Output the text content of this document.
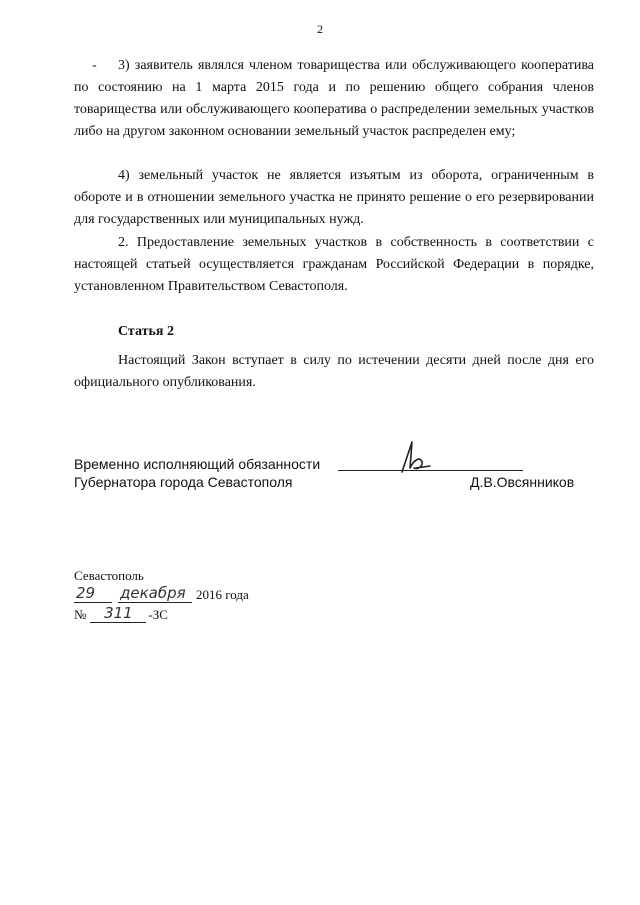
2
-	3) заявитель являлся членом товарищества или обслуживающего кооператива по состоянию на 1 марта 2015 года и по решению общего собрания членов товарищества или обслуживающего кооператива о распределении земельных участков либо на другом законном основании земельный участок распределен ему;

4) земельный участок не является изъятым из оборота, ограниченным в обороте и в отношении земельного участка не принято решение о его резервировании для государственных или муниципальных нужд.

2. Предоставление земельных участков в собственность в соответствии с настоящей статьей осуществляется гражданам Российской Федерации в порядке, установленном Правительством Севастополя.

Статья 2

Настоящий Закон вступает в силу по истечении десяти дней после дня его официального опубликования.

Временно исполняющий обязанности
Губернатора города Севастополя	Д.В.Овсянников
Севастополь
29	декабря 2016 года
№	311	-ЗС
